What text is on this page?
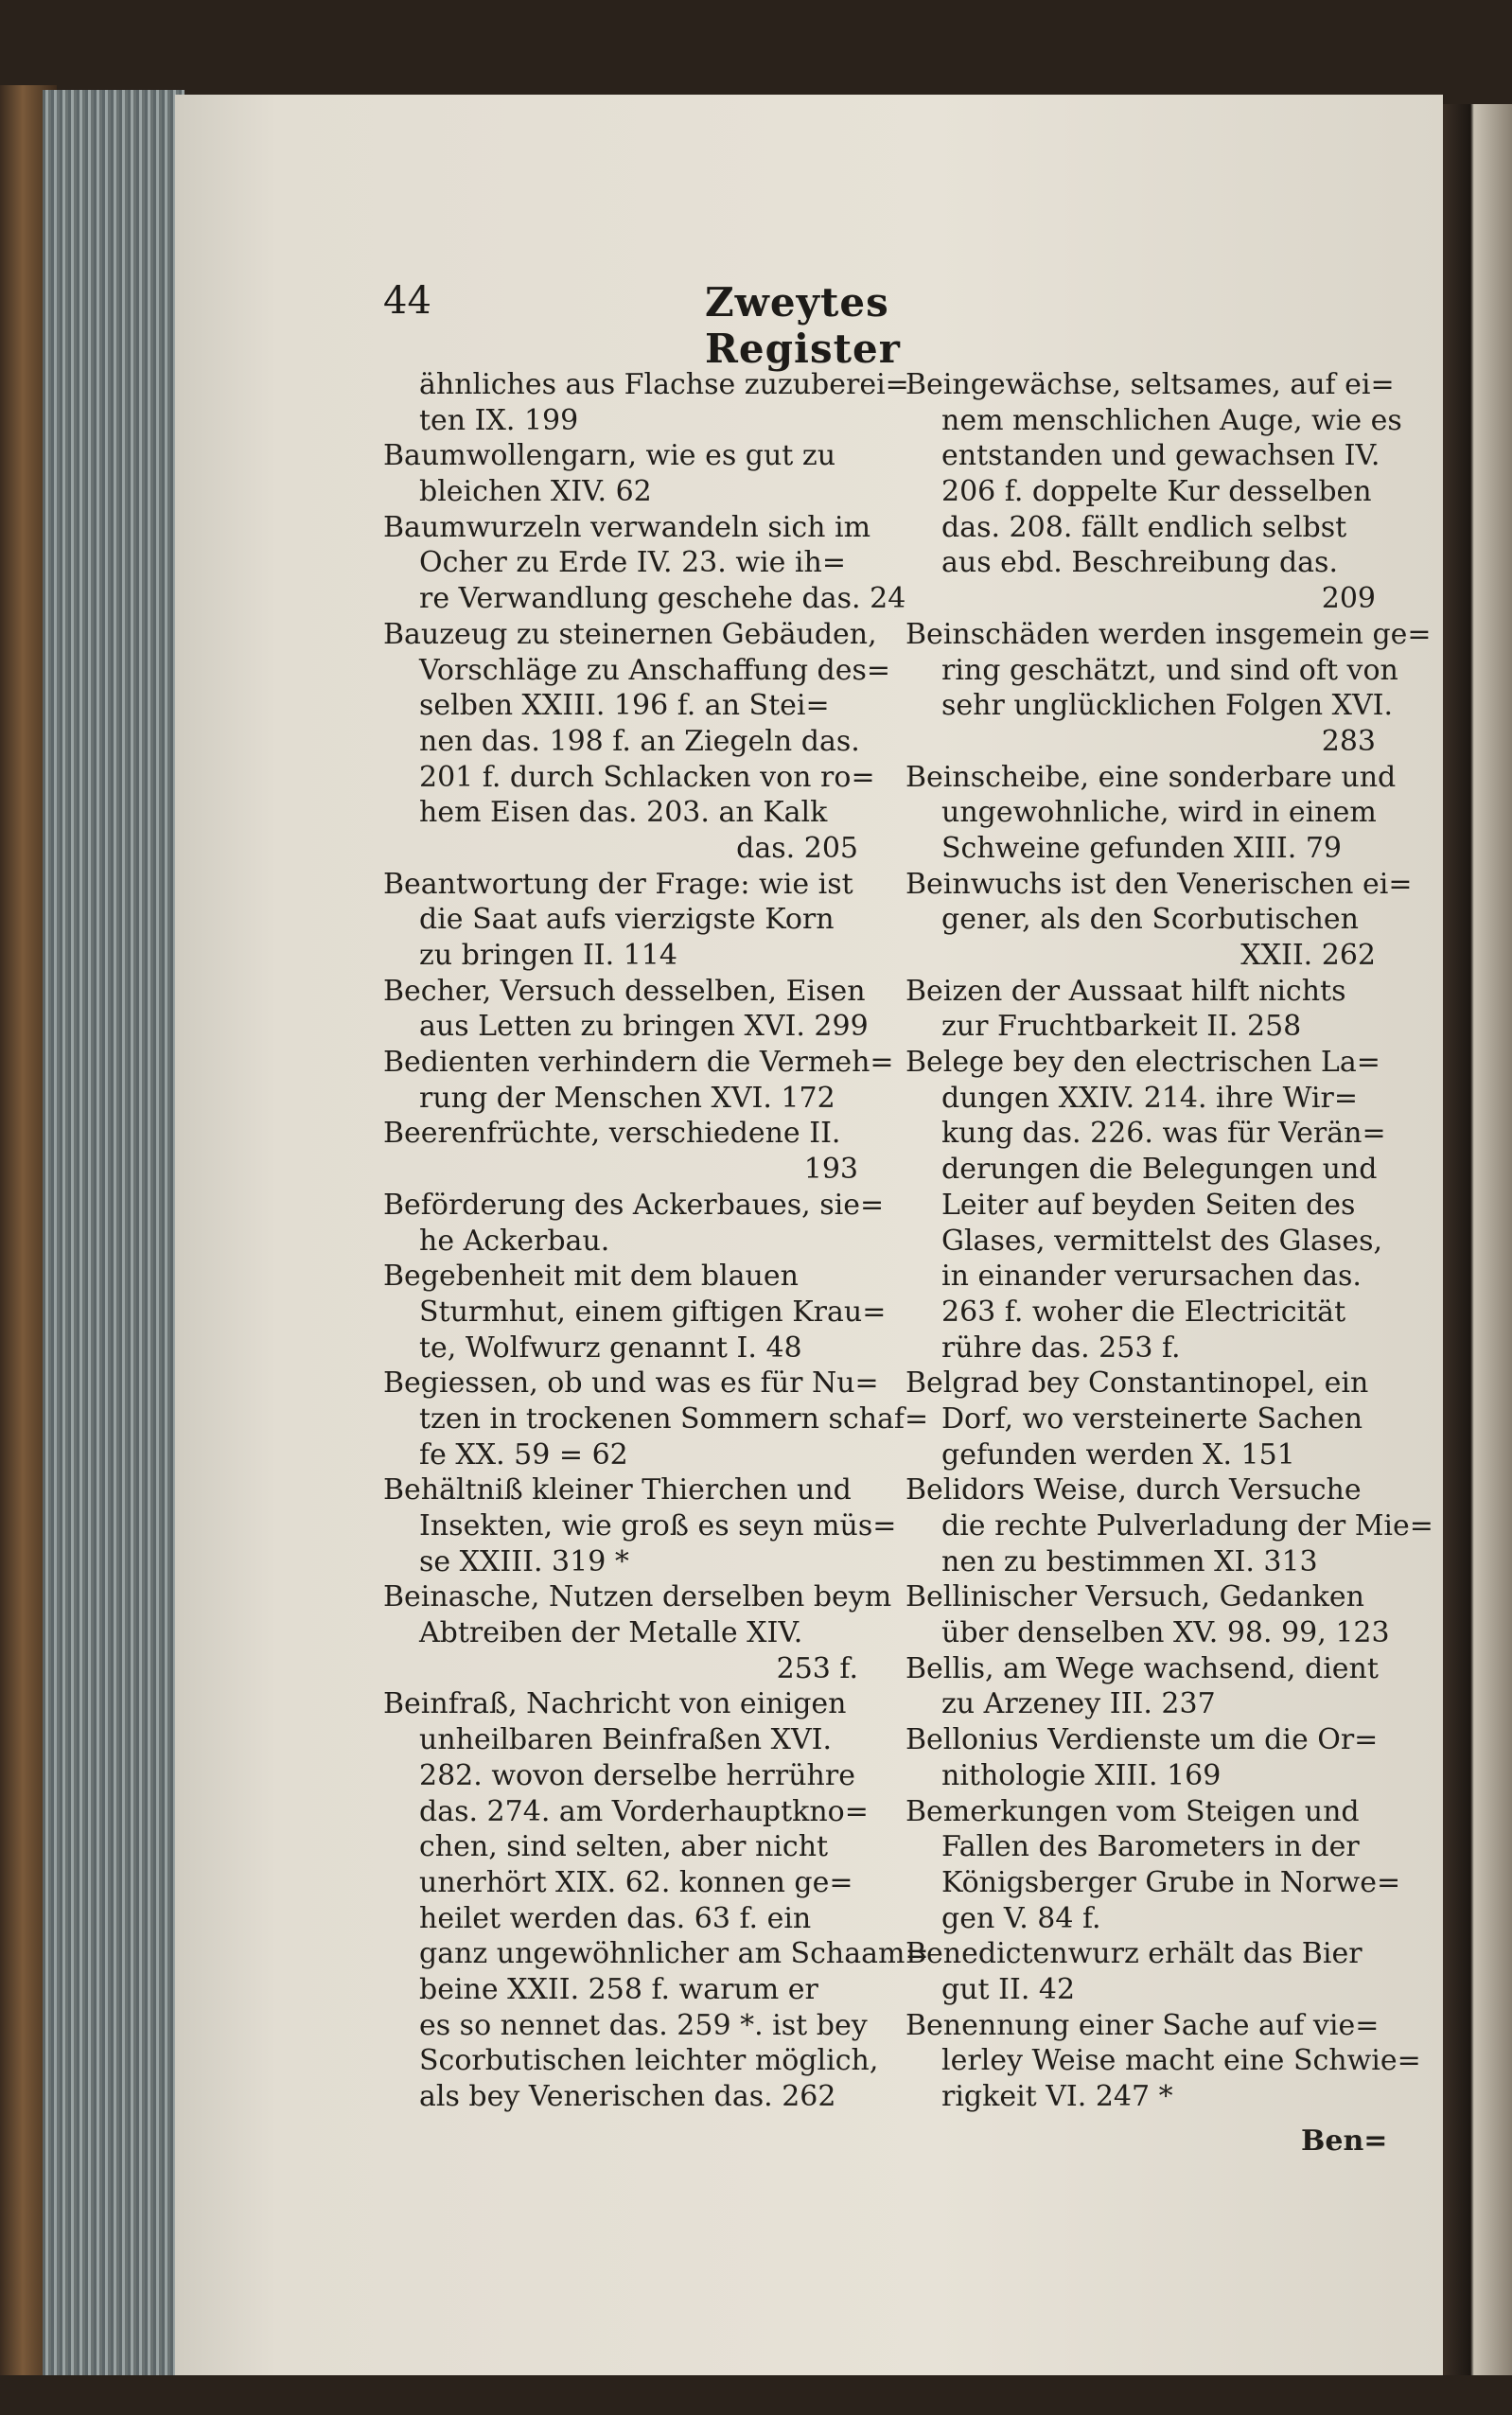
44	Zweytes Register
ähnliches aus Flachse zuzuberei=
ten IX. 199
Baumwollengarn, wie es gut zu
bleichen XIV. 62
Baumwurzeln verwandeln sich im
Ocher zu Erde IV. 23. wie ih=
re Verwandlung geschehe das. 24
Bauzeug zu steinernen Gebäuden,
Vorschläge zu Anschaffung des=
selben XXIII. 196 f. an Stei=
nen das. 198 f. an Ziegeln das.
201 f. durch Schlacken von ro=
hem Eisen das. 203. an Kalk
das. 205
Beantwortung der Frage: wie ist
die Saat aufs vierzigste Korn
zu bringen II. 114
Becher, Versuch desselben, Eisen
aus Letten zu bringen XVI. 299
Bedienten verhindern die Vermeh=
rung der Menschen XVI. 172
Beerenfrüchte, verschiedene II.
193
Beförderung des Ackerbaues, sie=
he Ackerbau.
Begebenheit mit dem blauen
Sturmhut, einem giftigen Krau=
te, Wolfwurz genannt I. 48
Begiessen, ob und was es für Nu=
tzen in trockenen Sommern schaf=
fe XX. 59 = 62
Behältniß kleiner Thierchen und
Insekten, wie groß es seyn müs=
se XXIII. 319 *
Beinasche, Nutzen derselben beym
Abtreiben der Metalle XIV.
253 f.
Beinfraß, Nachricht von einigen
unheilbaren Beinfraßen XVI.
282. wovon derselbe herrühre
das. 274. am Vorderhauptkno=
chen, sind selten, aber nicht
unerhört XIX. 62. konnen ge=
heilet werden das. 63 f. ein
ganz ungewöhnlicher am Schaam=
beine XXII. 258 f. warum er
es so nennet das. 259 *. ist bey
Scorbutischen leichter möglich,
als bey Venerischen das. 262
Beingewächse, seltsames, auf ei=
nem menschlichen Auge, wie es
entstanden und gewachsen IV.
206 f. doppelte Kur desselben
das. 208. fällt endlich selbst
aus ebd. Beschreibung das.
209
Beinschäden werden insgemein ge=
ring geschätzt, und sind oft von
sehr unglücklichen Folgen XVI.
283
Beinscheibe, eine sonderbare und
ungewohnliche, wird in einem
Schweine gefunden XIII. 79
Beinwuchs ist den Venerischen ei=
gener, als den Scorbutischen
XXII. 262
Beizen der Aussaat hilft nichts
zur Fruchtbarkeit II. 258
Belege bey den electrischen La=
dungen XXIV. 214. ihre Wir=
kung das. 226. was für Verän=
derungen die Belegungen und
Leiter auf beyden Seiten des
Glases, vermittelst des Glases,
in einander verursachen das.
263 f. woher die Electricität
rühre das. 253 f.
Belgrad bey Constantinopel, ein
Dorf, wo versteinerte Sachen
gefunden werden X. 151
Belidors Weise, durch Versuche
die rechte Pulverladung der Mie=
nen zu bestimmen XI. 313
Bellinischer Versuch, Gedanken
über denselben XV. 98. 99, 123
Bellis, am Wege wachsend, dient
zu Arzeney III. 237
Bellonius Verdienste um die Or=
nithologie XIII. 169
Bemerkungen vom Steigen und
Fallen des Barometers in der
Königsberger Grube in Norwe=
gen V. 84 f.
Benedictenwurz erhält das Bier
gut II. 42
Benennung einer Sache auf vie=
lerley Weise macht eine Schwie=
rigkeit VI. 247 *
Ben=
